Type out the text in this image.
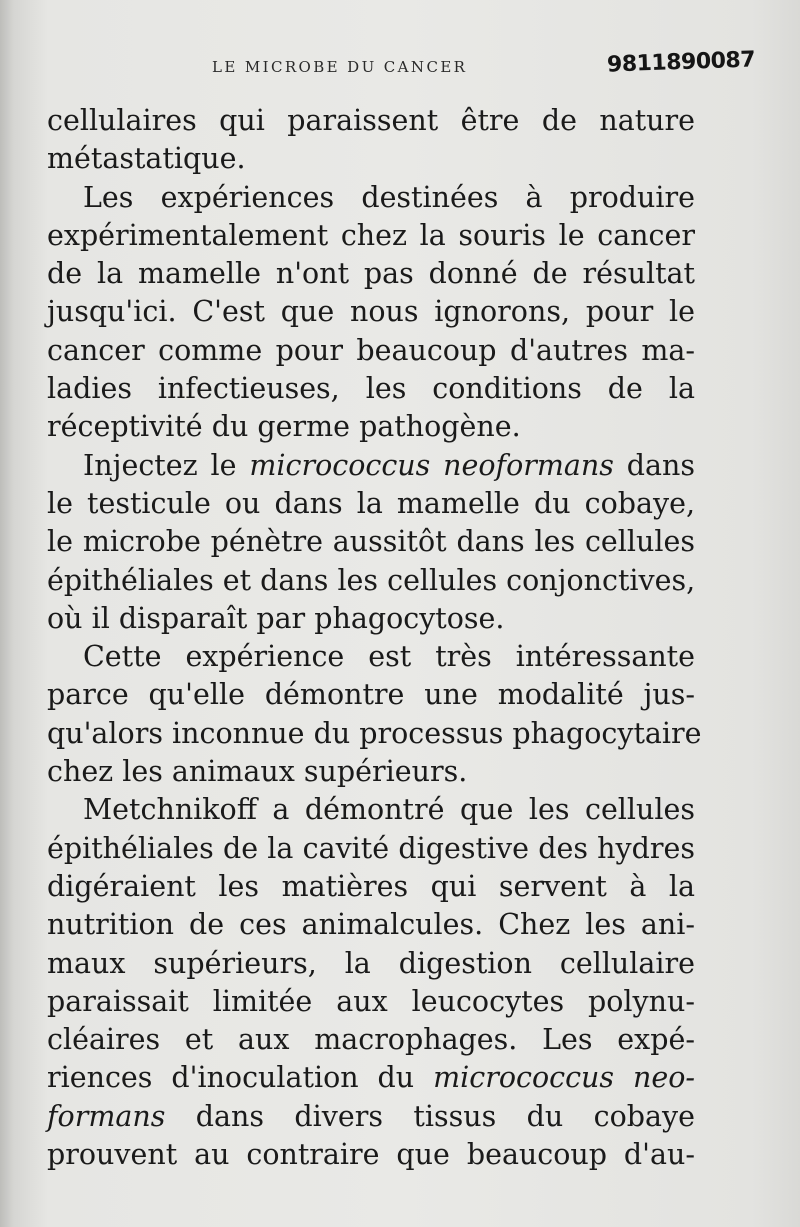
LE MICROBE DU CANCER	9811890087
cellulaires qui paraissent être de nature
métastatique.
Les expériences destinées à produire
expérimentalement chez la souris le cancer
de la mamelle n'ont pas donné de résultat
jusqu'ici. C'est que nous ignorons, pour le
cancer comme pour beaucoup d'autres ma-
ladies infectieuses, les conditions de la
réceptivité du germe pathogène.
Injectez le micrococcus neoformans dans
le testicule ou dans la mamelle du cobaye,
le microbe pénètre aussitôt dans les cellules
épithéliales et dans les cellules conjonctives,
où il disparaît par phagocytose.
Cette expérience est très intéressante
parce qu'elle démontre une modalité jus-
qu'alors inconnue du processus phagocytaire
chez les animaux supérieurs.
Metchnikoff a démontré que les cellules
épithéliales de la cavité digestive des hydres
digéraient les matières qui servent à la
nutrition de ces animalcules. Chez les ani-
maux supérieurs, la digestion cellulaire
paraissait limitée aux leucocytes polynu-
cléaires et aux macrophages. Les expé-
riences d'inoculation du micrococcus neo-
formans dans divers tissus du cobaye
prouvent au contraire que beaucoup d'au-
